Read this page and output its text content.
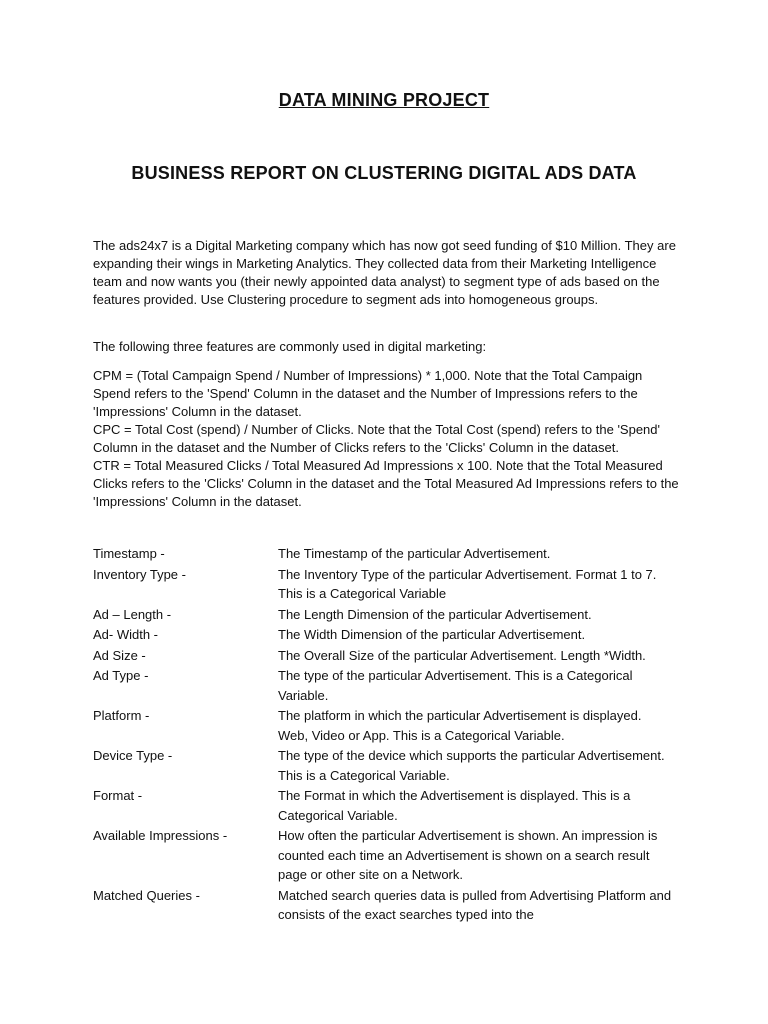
DATA MINING PROJECT
BUSINESS REPORT ON CLUSTERING DIGITAL ADS DATA

The ads24x7 is a Digital Marketing company which has now got seed funding of $10 Million. They are expanding their wings in Marketing Analytics. They collected data from their Marketing Intelligence team and now wants you (their newly appointed data analyst) to segment type of ads based on the features provided. Use Clustering procedure to segment ads into homogeneous groups.

The following three features are commonly used in digital marketing:

CPM = (Total Campaign Spend / Number of Impressions) * 1,000. Note that the Total Campaign Spend refers to the 'Spend' Column in the dataset and the Number of Impressions refers to the 'Impressions' Column in the dataset.
CPC = Total Cost (spend) / Number of Clicks. Note that the Total Cost (spend) refers to the 'Spend' Column in the dataset and the Number of Clicks refers to the 'Clicks' Column in the dataset.
CTR = Total Measured Clicks / Total Measured Ad Impressions x 100. Note that the Total Measured Clicks refers to the 'Clicks' Column in the dataset and the Total Measured Ad Impressions refers to the 'Impressions' Column in the dataset.
Timestamp -	The Timestamp of the particular Advertisement.
Inventory Type -	The Inventory Type of the particular Advertisement. Format 1 to 7. This is a Categorical Variable
Ad – Length -	The Length Dimension of the particular Advertisement.
Ad- Width -	The Width Dimension of the particular Advertisement.
Ad Size -	The Overall Size of the particular Advertisement. Length *Width.
Ad Type -	The type of the particular Advertisement. This is a Categorical Variable.
Platform -	The platform in which the particular Advertisement is displayed. Web, Video or App. This is a Categorical Variable.
Device Type -	The type of the device which supports the particular Advertisement. This is a Categorical Variable.
Format -	The Format in which the Advertisement is displayed. This is a Categorical Variable.
Available Impressions -	How often the particular Advertisement is shown. An impression is counted each time an Advertisement is shown on a search result page or other site on a Network.
Matched Queries -	Matched search queries data is pulled from Advertising Platform and consists of the exact searches typed into the
